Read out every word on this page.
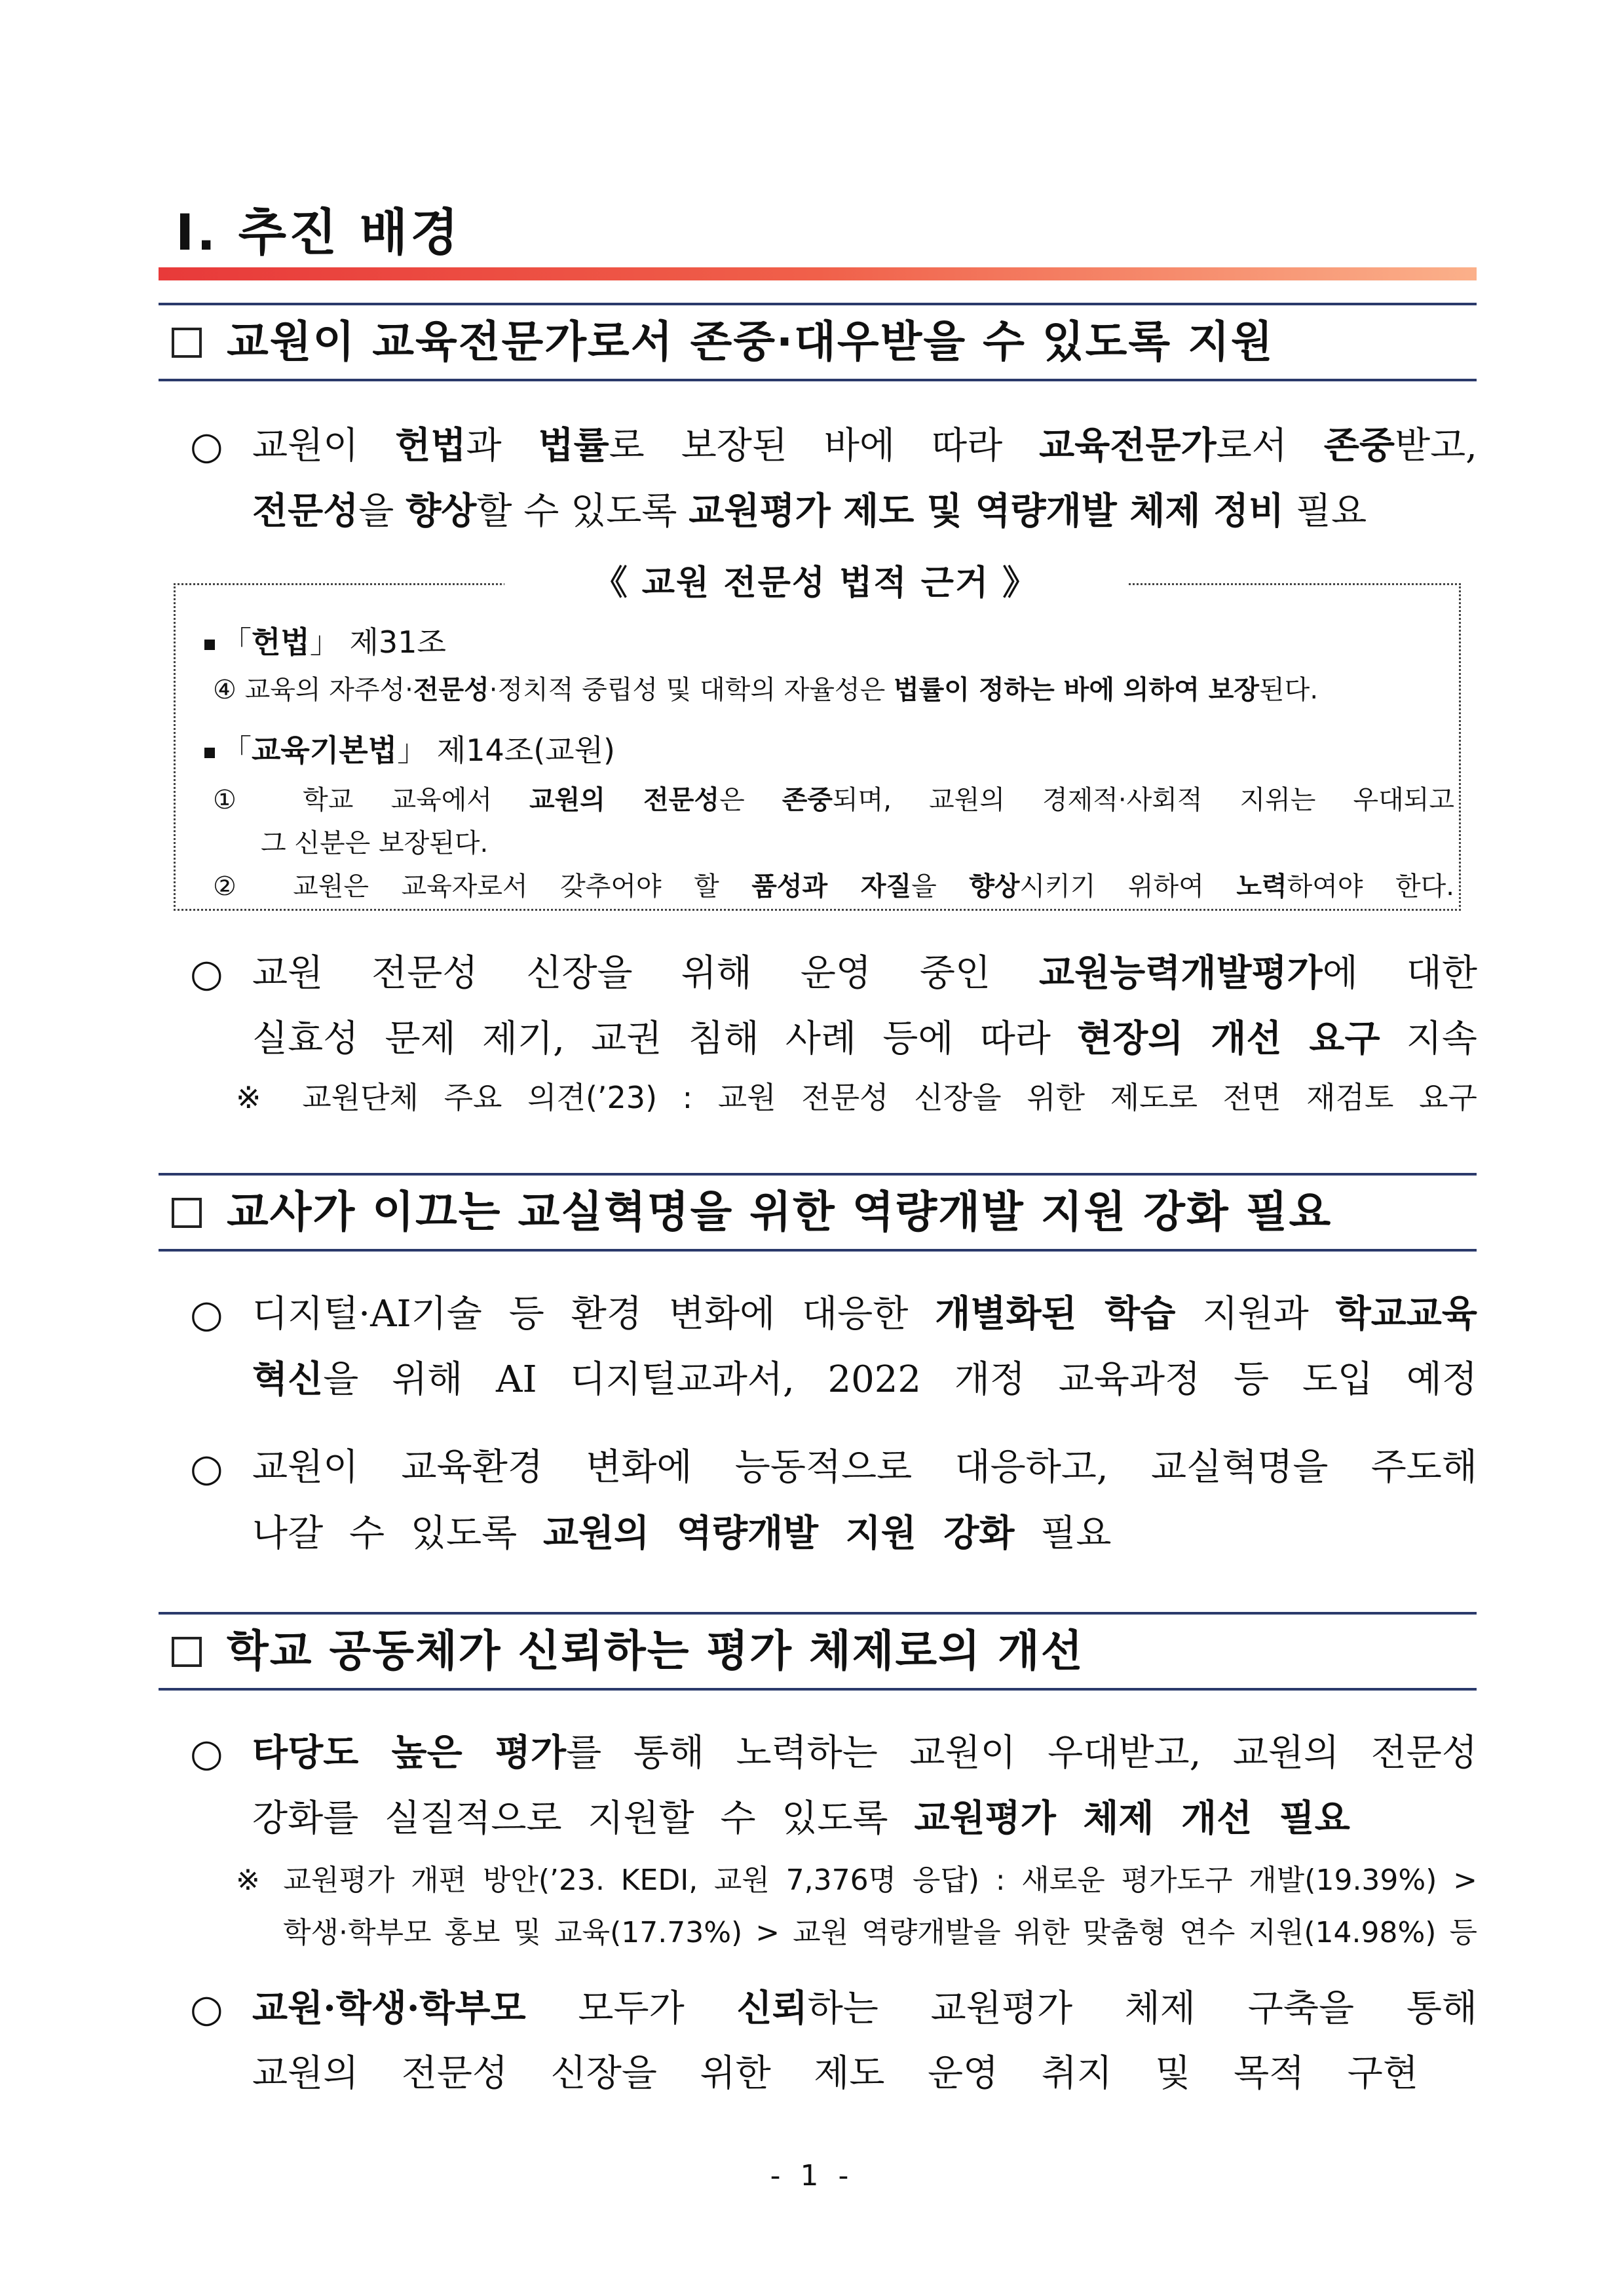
Ⅰ. 추진 배경
교원이 교육전문가로서 존중·대우받을 수 있도록 지원
○ 교원이 헌법과 법률로 보장된 바에 따라 교육전문가로서 존중받고,
전문성을 향상할 수 있도록 교원평가 제도 및 역량개발 체제 정비 필요
《 교원 전문성 법적 근거 》
「헌법」 제31조
④ 교육의 자주성·전문성·정치적 중립성 및 대학의 자율성은 법률이 정하는 바에 의하여 보장된다.
「교육기본법」 제14조(교원)
① 학교 교육에서 교원의 전문성은 존중되며, 교원의 경제적·사회적 지위는 우대되고
그 신분은 보장된다.
② 교원은 교육자로서 갖추어야 할 품성과 자질을 향상시키기 위하여 노력하여야 한다.
○ 교원 전문성 신장을 위해 운영 중인 교원능력개발평가에 대한
실효성 문제 제기, 교권 침해 사례 등에 따라 현장의 개선 요구 지속
※ 교원단체 주요 의견(’23) : 교원 전문성 신장을 위한 제도로 전면 재검토 요구
교사가 이끄는 교실혁명을 위한 역량개발 지원 강화 필요
○ 디지털·AI기술 등 환경 변화에 대응한 개별화된 학습 지원과 학교교육
혁신을 위해 AI 디지털교과서, 2022 개정 교육과정 등 도입 예정
○ 교원이 교육환경 변화에 능동적으로 대응하고, 교실혁명을 주도해
나갈 수 있도록 교원의 역량개발 지원 강화 필요
학교 공동체가 신뢰하는 평가 체제로의 개선
○ 타당도 높은 평가를 통해 노력하는 교원이 우대받고, 교원의 전문성
강화를 실질적으로 지원할 수 있도록 교원평가 체제 개선 필요
※ 교원평가 개편 방안(’23. KEDI, 교원 7,376명 응답) : 새로운 평가도구 개발(19.39%) >
학생·학부모 홍보 및 교육(17.73%) > 교원 역량개발을 위한 맞춤형 연수 지원(14.98%) 등
○ 교원·학생·학부모 모두가 신뢰하는 교원평가 체제 구축을 통해
교원의 전문성 신장을 위한 제도 운영 취지 및 목적 구현
- 1 -
